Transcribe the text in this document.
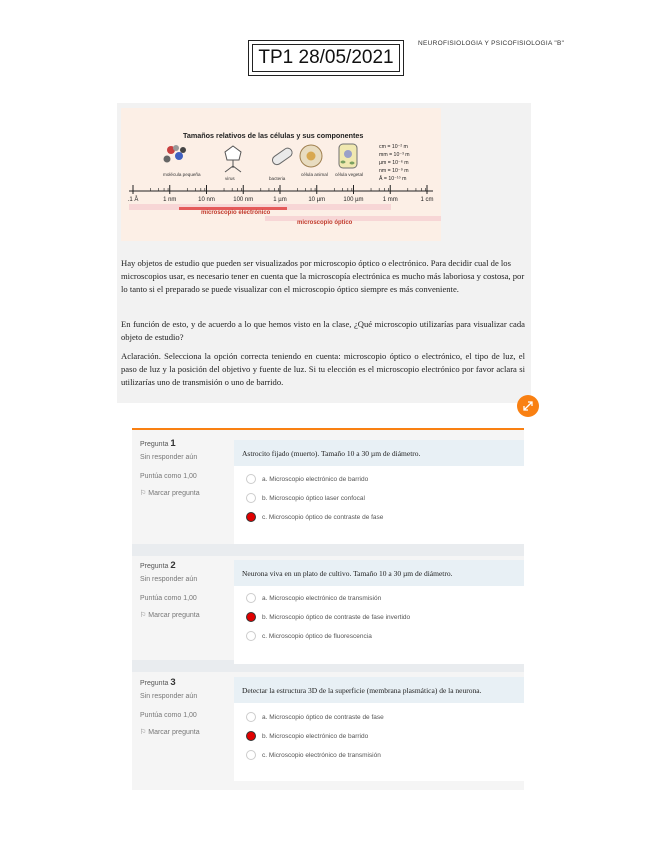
TP1 28/05/2021
NEUROFISIOLOGIA Y PSICOFISIOLOGIA "B"
Tamaños relativos de las células y sus componentes
molécula pequeña
virus	bacteria
célula animal célula vegetal
cm = 10⁻² m
mm = 10⁻³ m
µm = 10⁻⁶ m
nm = 10⁻⁹ m
Å = 10⁻¹⁰ m
.1 Å	1 nm	10 nm	100 nm	1 µm	10 µm	100 µm	1 mm	1 cm
microscopio electrónico
microscopio óptico
Hay objetos de estudio que pueden ser visualizados por microscopio óptico o electrónico. Para decidir cual de los microscopios usar, es necesario tener en cuenta que la microscopía electrónica es mucho más laboriosa y costosa, por lo tanto si el preparado se puede visualizar con el microscopio óptico siempre es más conveniente.
En función de esto, y de acuerdo a lo que hemos visto en la clase, ¿Qué microscopio utilizarías para visualizar cada objeto de estudio?
Aclaración. Selecciona la opción correcta teniendo en cuenta: microscopio óptico o electrónico, el tipo de luz, el paso de luz y la posición del objetivo y fuente de luz. Si tu elección es el microscopio electrónico por favor aclara si utilizarías uno de transmisión o uno de barrido.
Pregunta 1
Sin responder aún
Puntúa como 1,00
⚐ Marcar pregunta
Astrocito fijado (muerto). Tamaño 10 a 30 µm de diámetro.
a. Microscopio electrónico de barrido
b. Microscopio óptico laser confocal
c. Microscopio óptico de contraste de fase
Pregunta 2
Sin responder aún
Puntúa como 1,00
⚐ Marcar pregunta
Neurona viva en un plato de cultivo. Tamaño 10 a 30 µm de diámetro.
a. Microscopio electrónico de transmisión
b. Microscopio óptico de contraste de fase invertido
c. Microscopio óptico de fluorescencia
Pregunta 3
Sin responder aún
Puntúa como 1,00
⚐ Marcar pregunta
Detectar la estructura 3D de la superficie (membrana plasmática) de la neurona.
a. Microscopio óptico de contraste de fase
b. Microscopio electrónico de barrido
c. Microscopio electrónico de transmisión
